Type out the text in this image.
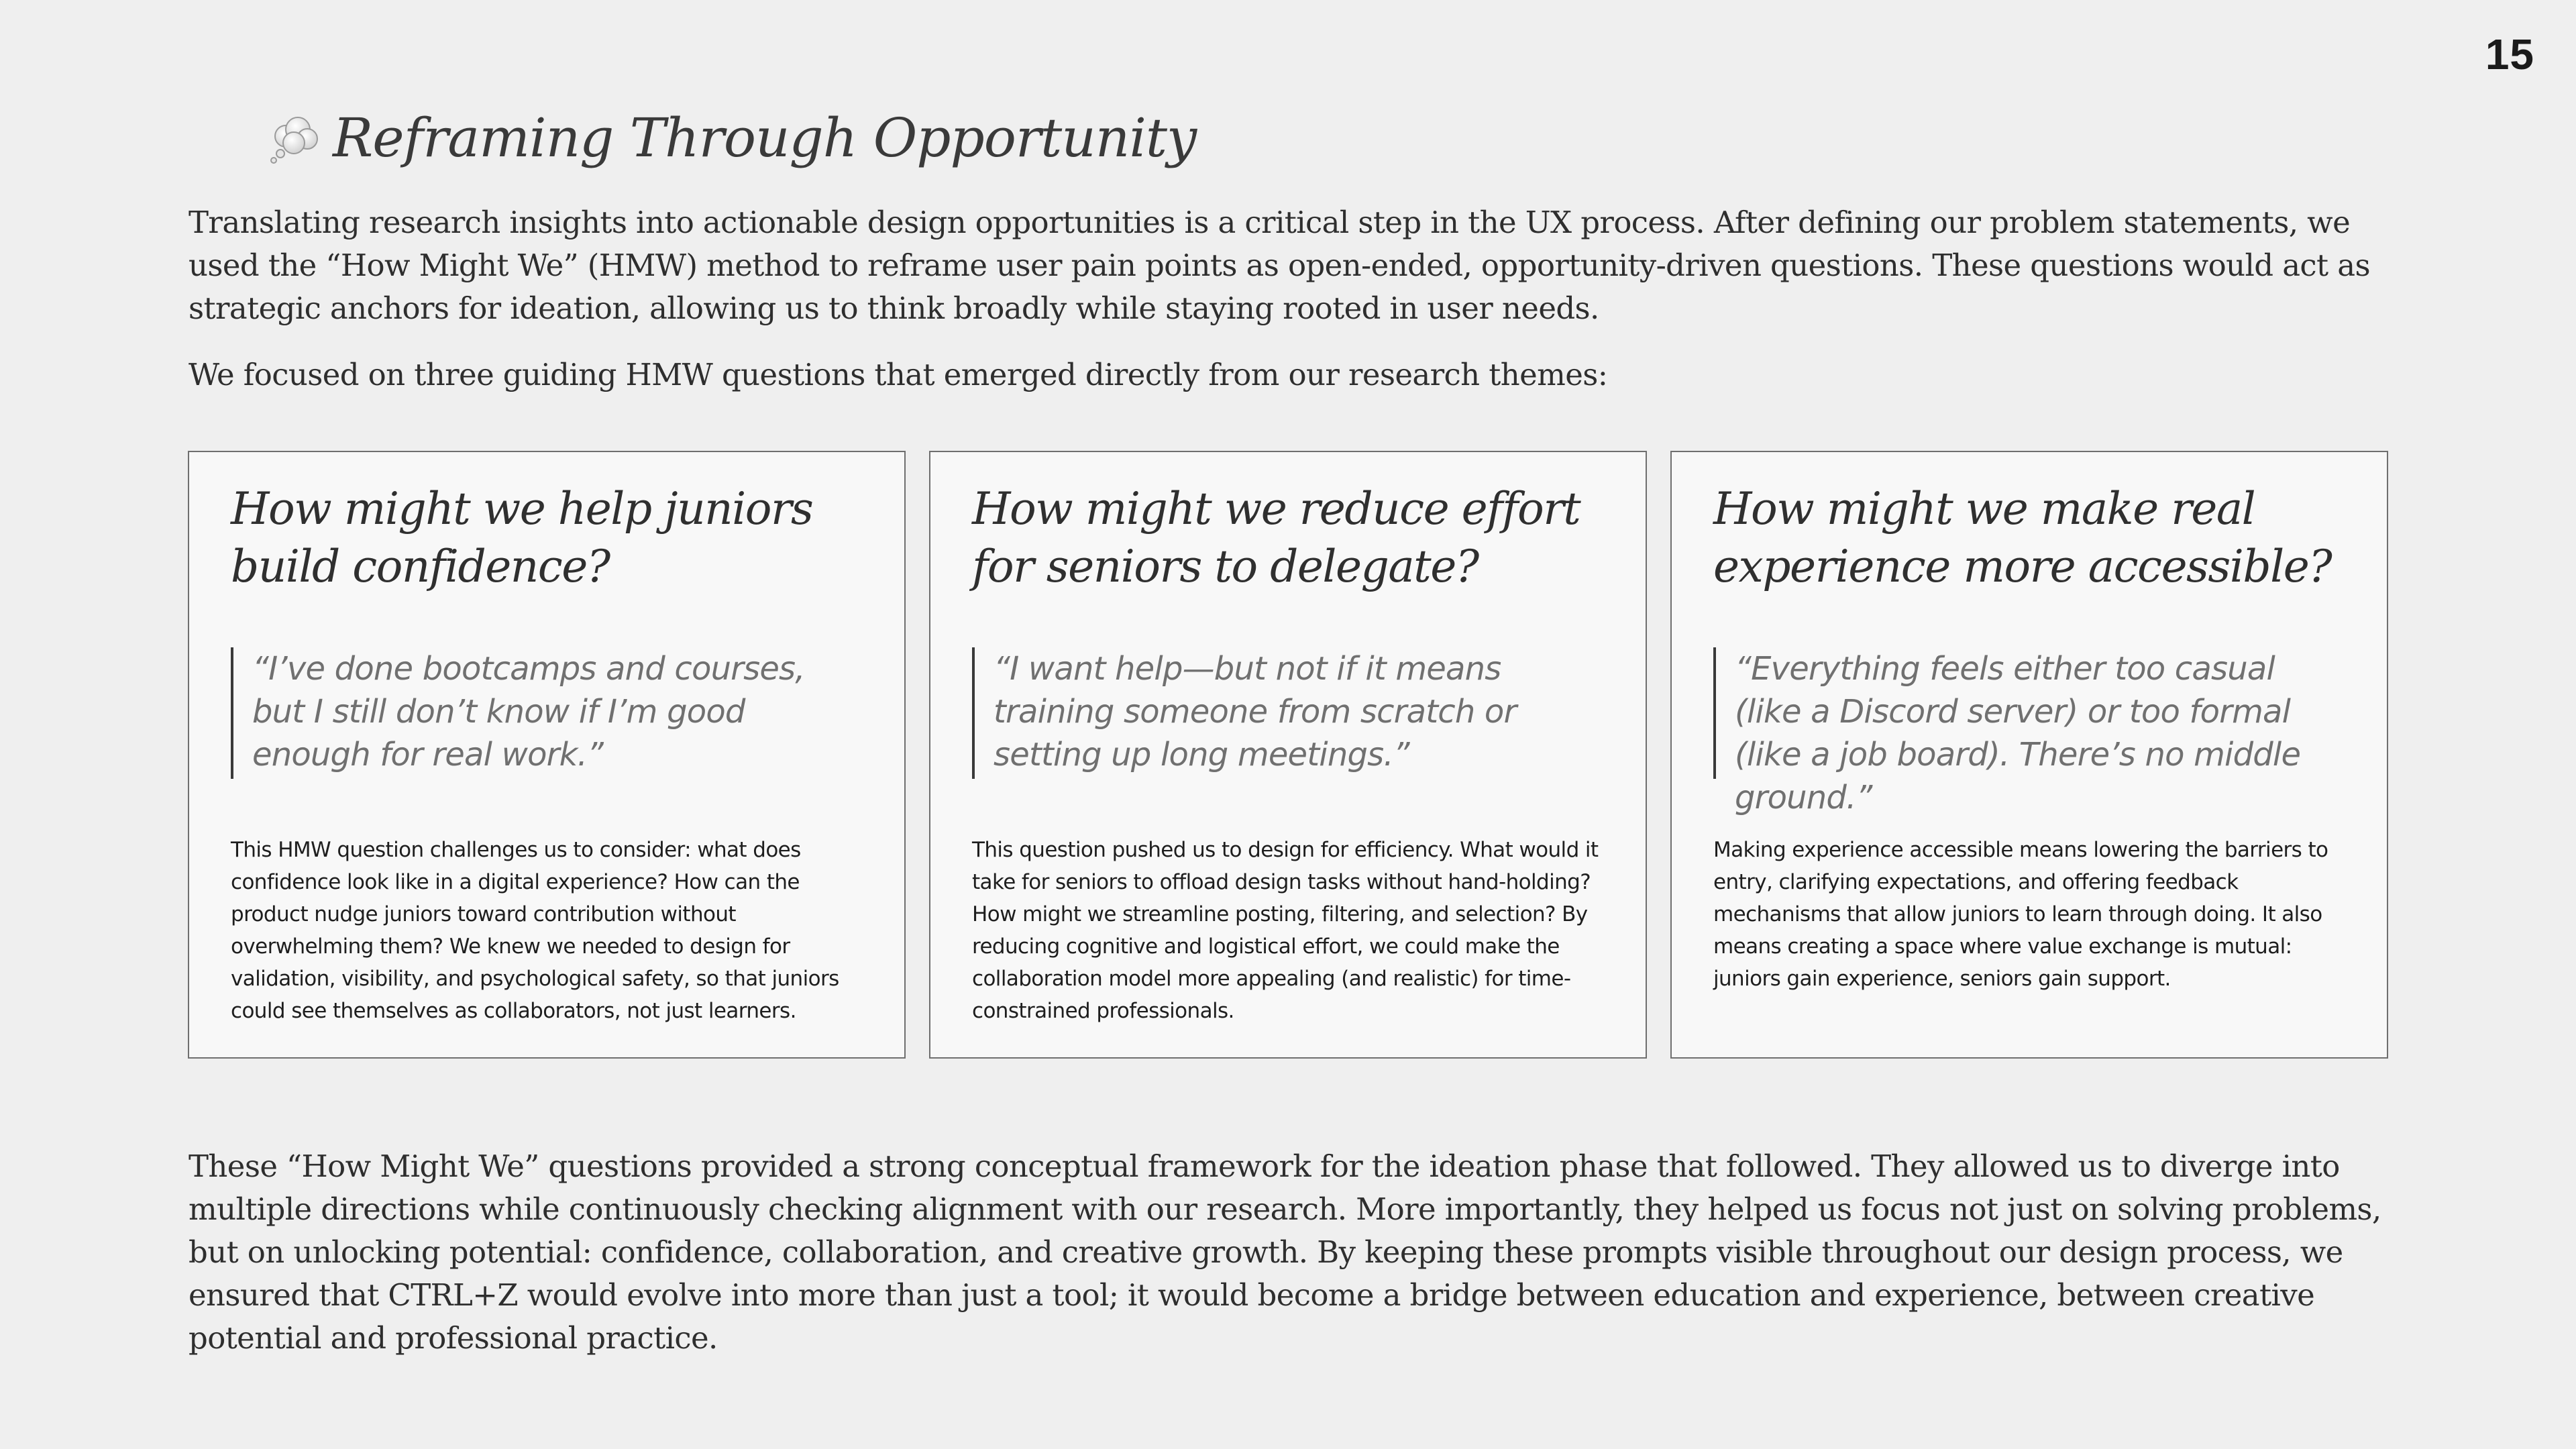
15
Reframing Through Opportunity

Translating research insights into actionable design opportunities is a critical step in the UX process. After defining our problem statements, we used the “How Might We” (HMW) method to reframe user pain points as open-ended, opportunity-driven questions. These questions would act as strategic anchors for ideation, allowing us to think broadly while staying rooted in user needs.

We focused on three guiding HMW questions that emerged directly from our research themes:

How might we help juniors build confidence?

“I’ve done bootcamps and courses, but I still don’t know if I’m good enough for real work.”

This HMW question challenges us to consider: what does confidence look like in a digital experience? How can the product nudge juniors toward contribution without overwhelming them? We knew we needed to design for validation, visibility, and psychological safety, so that juniors could see themselves as collaborators, not just learners.

How might we reduce effort for seniors to delegate?

“I want help—but not if it means training someone from scratch or setting up long meetings.”

This question pushed us to design for efficiency. What would it take for seniors to offload design tasks without hand-holding? How might we streamline posting, filtering, and selection? By reducing cognitive and logistical effort, we could make the collaboration model more appealing (and realistic) for time-constrained professionals.

How might we make real experience more accessible?

“Everything feels either too casual (like a Discord server) or too formal (like a job board). There’s no middle ground.”

Making experience accessible means lowering the barriers to entry, clarifying expectations, and offering feedback mechanisms that allow juniors to learn through doing. It also means creating a space where value exchange is mutual: juniors gain experience, seniors gain support.

These “How Might We” questions provided a strong conceptual framework for the ideation phase that followed. They allowed us to diverge into multiple directions while continuously checking alignment with our research. More importantly, they helped us focus not just on solving problems, but on unlocking potential: confidence, collaboration, and creative growth. By keeping these prompts visible throughout our design process, we ensured that CTRL+Z would evolve into more than just a tool; it would become a bridge between education and experience, between creative potential and professional practice.
